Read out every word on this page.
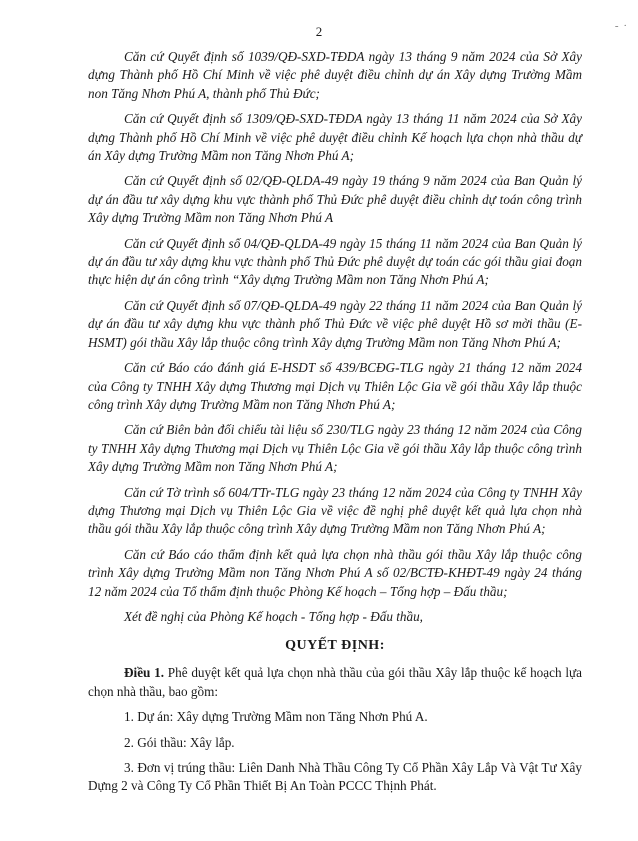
2	- ·

Căn cứ Quyết định số 1039/QĐ-SXD-TĐDA ngày 13 tháng 9 năm 2024 của Sở Xây dựng Thành phố Hồ Chí Minh về việc phê duyệt điều chỉnh dự án Xây dựng Trường Mầm non Tăng Nhơn Phú A, thành phố Thủ Đức;

Căn cứ Quyết định số 1309/QĐ-SXD-TĐDA ngày 13 tháng 11 năm 2024 của Sở Xây dựng Thành phố Hồ Chí Minh về việc phê duyệt điều chỉnh Kế hoạch lựa chọn nhà thầu dự án Xây dựng Trường Mầm non Tăng Nhơn Phú A;

Căn cứ Quyết định số 02/QĐ-QLDA-49 ngày 19 tháng 9 năm 2024 của Ban Quản lý dự án đầu tư xây dựng khu vực thành phố Thủ Đức phê duyệt điều chỉnh dự toán công trình Xây dựng Trường Mầm non Tăng Nhơn Phú A

Căn cứ Quyết định số 04/QĐ-QLDA-49 ngày 15 tháng 11 năm 2024 của Ban Quản lý dự án đầu tư xây dựng khu vực thành phố Thủ Đức phê duyệt dự toán các gói thầu giai đoạn thực hiện dự án công trình “Xây dựng Trường Mầm non Tăng Nhơn Phú A;

Căn cứ Quyết định số 07/QĐ-QLDA-49 ngày 22 tháng 11 năm 2024 của Ban Quản lý dự án đầu tư xây dựng khu vực thành phố Thủ Đức về việc phê duyệt Hồ sơ mời thầu (E-HSMT) gói thầu Xây lắp thuộc công trình Xây dựng Trường Mầm non Tăng Nhơn Phú A;

Căn cứ Báo cáo đánh giá E-HSDT số 439/BCĐG-TLG ngày 21 tháng 12 năm 2024 của Công ty TNHH Xây dựng Thương mại Dịch vụ Thiên Lộc Gia về gói thầu Xây lắp thuộc công trình Xây dựng Trường Mầm non Tăng Nhơn Phú A;

Căn cứ Biên bản đối chiếu tài liệu số 230/TLG ngày 23 tháng 12 năm 2024 của Công ty TNHH Xây dựng Thương mại Dịch vụ Thiên Lộc Gia về gói thầu Xây lắp thuộc công trình Xây dựng Trường Mầm non Tăng Nhơn Phú A;

Căn cứ Tờ trình số 604/TTr-TLG ngày 23 tháng 12 năm 2024 của Công ty TNHH Xây dựng Thương mại Dịch vụ Thiên Lộc Gia về việc đề nghị phê duyệt kết quả lựa chọn nhà thầu gói thầu Xây lắp thuộc công trình Xây dựng Trường Mầm non Tăng Nhơn Phú A;

Căn cứ Báo cáo thẩm định kết quả lựa chọn nhà thầu gói thầu Xây lắp thuộc công trình Xây dựng Trường Mầm non Tăng Nhơn Phú A số 02/BCTĐ-KHĐT-49 ngày 24 tháng 12 năm 2024 của Tổ thẩm định thuộc Phòng Kế hoạch – Tổng hợp – Đấu thầu;

Xét đề nghị của Phòng Kế hoạch - Tổng hợp - Đấu thầu,

QUYẾT ĐỊNH:

Điều 1. Phê duyệt kết quả lựa chọn nhà thầu của gói thầu Xây lắp thuộc kế hoạch lựa chọn nhà thầu, bao gồm:

1. Dự án: Xây dựng Trường Mầm non Tăng Nhơn Phú A.

2. Gói thầu: Xây lắp.

3. Đơn vị trúng thầu: Liên Danh Nhà Thầu Công Ty Cổ Phần Xây Lắp Và Vật Tư Xây Dựng 2 và Công Ty Cổ Phần Thiết Bị An Toàn PCCC Thịnh Phát.
